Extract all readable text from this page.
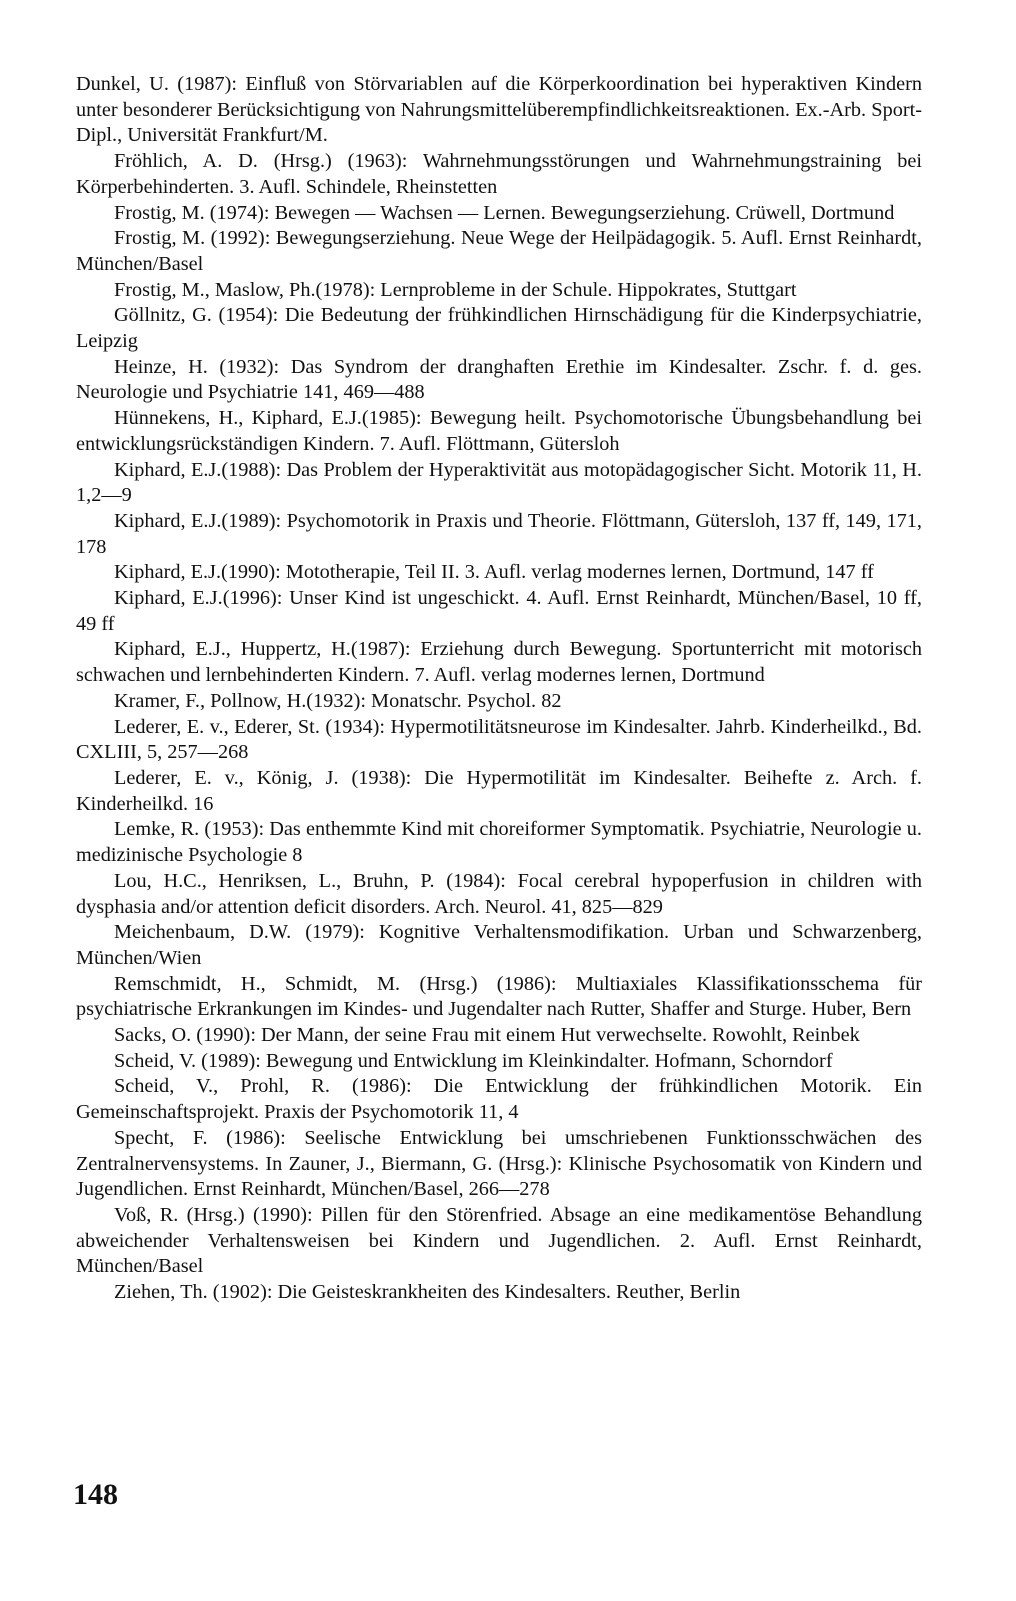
Dunkel, U. (1987): Einfluß von Störvariablen auf die Körperkoordination bei hyperaktiven Kindern unter besonderer Berücksichtigung von Nahrungsmittelüberempfindlichkeitsreaktionen. Ex.-Arb. Sport-Dipl., Universität Frankfurt/M.
Fröhlich, A. D. (Hrsg.) (1963): Wahrnehmungsstörungen und Wahrnehmungstraining bei Körperbehinderten. 3. Aufl. Schindele, Rheinstetten
Frostig, M. (1974): Bewegen — Wachsen — Lernen. Bewegungserziehung. Crüwell, Dortmund
Frostig, M. (1992): Bewegungserziehung. Neue Wege der Heilpädagogik. 5. Aufl. Ernst Reinhardt, München/Basel
Frostig, M., Maslow, Ph.(1978): Lernprobleme in der Schule. Hippokrates, Stuttgart
Göllnitz, G. (1954): Die Bedeutung der frühkindlichen Hirnschädigung für die Kinderpsychiatrie, Leipzig
Heinze, H. (1932): Das Syndrom der dranghaften Erethie im Kindesalter. Zschr. f. d. ges. Neurologie und Psychiatrie 141, 469—488
Hünnekens, H., Kiphard, E.J.(1985): Bewegung heilt. Psychomotorische Übungsbehandlung bei entwicklungsrückständigen Kindern. 7. Aufl. Flöttmann, Gütersloh
Kiphard, E.J.(1988): Das Problem der Hyperaktivität aus motopädagogischer Sicht. Motorik 11, H. 1,2—9
Kiphard, E.J.(1989): Psychomotorik in Praxis und Theorie. Flöttmann, Gütersloh, 137 ff, 149, 171, 178
Kiphard, E.J.(1990): Mototherapie, Teil II. 3. Aufl. verlag modernes lernen, Dortmund, 147 ff
Kiphard, E.J.(1996): Unser Kind ist ungeschickt. 4. Aufl. Ernst Reinhardt, München/Basel, 10 ff, 49 ff
Kiphard, E.J., Huppertz, H.(1987): Erziehung durch Bewegung. Sportunterricht mit motorisch schwachen und lernbehinderten Kindern. 7. Aufl. verlag modernes lernen, Dortmund
Kramer, F., Pollnow, H.(1932): Monatschr. Psychol. 82
Lederer, E. v., Ederer, St. (1934): Hypermotilitätsneurose im Kindesalter. Jahrb. Kinderheilkd., Bd. CXLIII, 5, 257—268
Lederer, E. v., König, J. (1938): Die Hypermotilität im Kindesalter. Beihefte z. Arch. f. Kinderheilkd. 16
Lemke, R. (1953): Das enthemmte Kind mit choreiformer Symptomatik. Psychiatrie, Neurologie u. medizinische Psychologie 8
Lou, H.C., Henriksen, L., Bruhn, P. (1984): Focal cerebral hypoperfusion in children with dysphasia and/or attention deficit disorders. Arch. Neurol. 41, 825—829
Meichenbaum, D.W. (1979): Kognitive Verhaltensmodifikation. Urban und Schwarzenberg, München/Wien
Remschmidt, H., Schmidt, M. (Hrsg.) (1986): Multiaxiales Klassifikationsschema für psychiatrische Erkrankungen im Kindes- und Jugendalter nach Rutter, Shaffer and Sturge. Huber, Bern
Sacks, O. (1990): Der Mann, der seine Frau mit einem Hut verwechselte. Rowohlt, Reinbek
Scheid, V. (1989): Bewegung und Entwicklung im Kleinkindalter. Hofmann, Schorndorf
Scheid, V., Prohl, R. (1986): Die Entwicklung der frühkindlichen Motorik. Ein Gemeinschaftsprojekt. Praxis der Psychomotorik 11, 4
Specht, F. (1986): Seelische Entwicklung bei umschriebenen Funktionsschwächen des Zentralnervensystems. In Zauner, J., Biermann, G. (Hrsg.): Klinische Psychosomatik von Kindern und Jugendlichen. Ernst Reinhardt, München/Basel, 266—278
Voß, R. (Hrsg.) (1990): Pillen für den Störenfried. Absage an eine medikamentöse Behandlung abweichender Verhaltensweisen bei Kindern und Jugendlichen. 2. Aufl. Ernst Reinhardt, München/Basel
Ziehen, Th. (1902): Die Geisteskrankheiten des Kindesalters. Reuther, Berlin
148
